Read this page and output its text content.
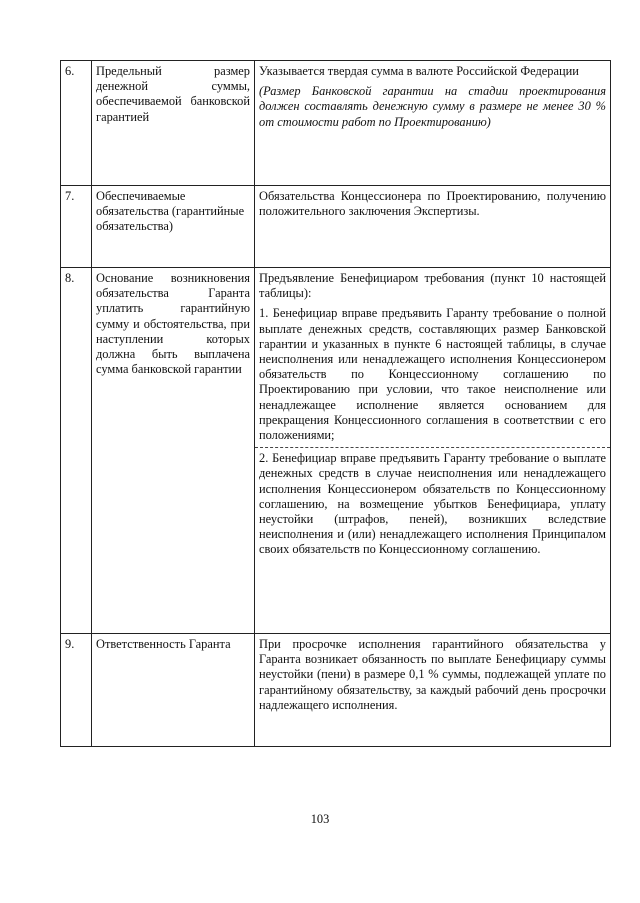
6.	Предельный размер денежной суммы, обеспечиваемой банковской гарантией	Указывается твердая сумма в валюте Российской Федерации

(Размер Банковской гарантии на стадии проектирования должен составлять денежную сумму в размере не менее 30 % от стоимости работ по Проектированию)

7.	Обеспечиваемые обязательства (гарантийные обязательства)	Обязательства Концессионера по Проектированию, получению положительного заключения Экспертизы.

8.	Основание возникновения обязательства Гаранта уплатить гарантийную сумму и обстоятельства, при наступлении которых должна быть выплачена сумма банковской гарантии	Предъявление Бенефициаром требования (пункт 10 настоящей таблицы):

1. Бенефициар вправе предъявить Гаранту требование о полной выплате денежных средств, составляющих размер Банковской гарантии и указанных в пункте 6 настоящей таблицы, в случае неисполнения или ненадлежащего исполнения Концессионером обязательств по Концессионному соглашению по Проектированию при условии, что такое неисполнение или ненадлежащее исполнение является основанием для прекращения Концессионного соглашения в соответствии с его положениями;

2. Бенефициар вправе предъявить Гаранту требование о выплате денежных средств в случае неисполнения или ненадлежащего исполнения Концессионером обязательств по Концессионному соглашению, на возмещение убытков Бенефициара, уплату неустойки (штрафов, пеней), возникших вследствие неисполнения и (или) ненадлежащего исполнения Принципалом своих обязательств по Концессионному соглашению.

9.	Ответственность Гаранта	При просрочке исполнения гарантийного обязательства у Гаранта возникает обязанность по выплате Бенефициару суммы неустойки (пени) в размере 0,1 % суммы, подлежащей уплате по гарантийному обязательству, за каждый рабочий день просрочки надлежащего исполнения.

103
